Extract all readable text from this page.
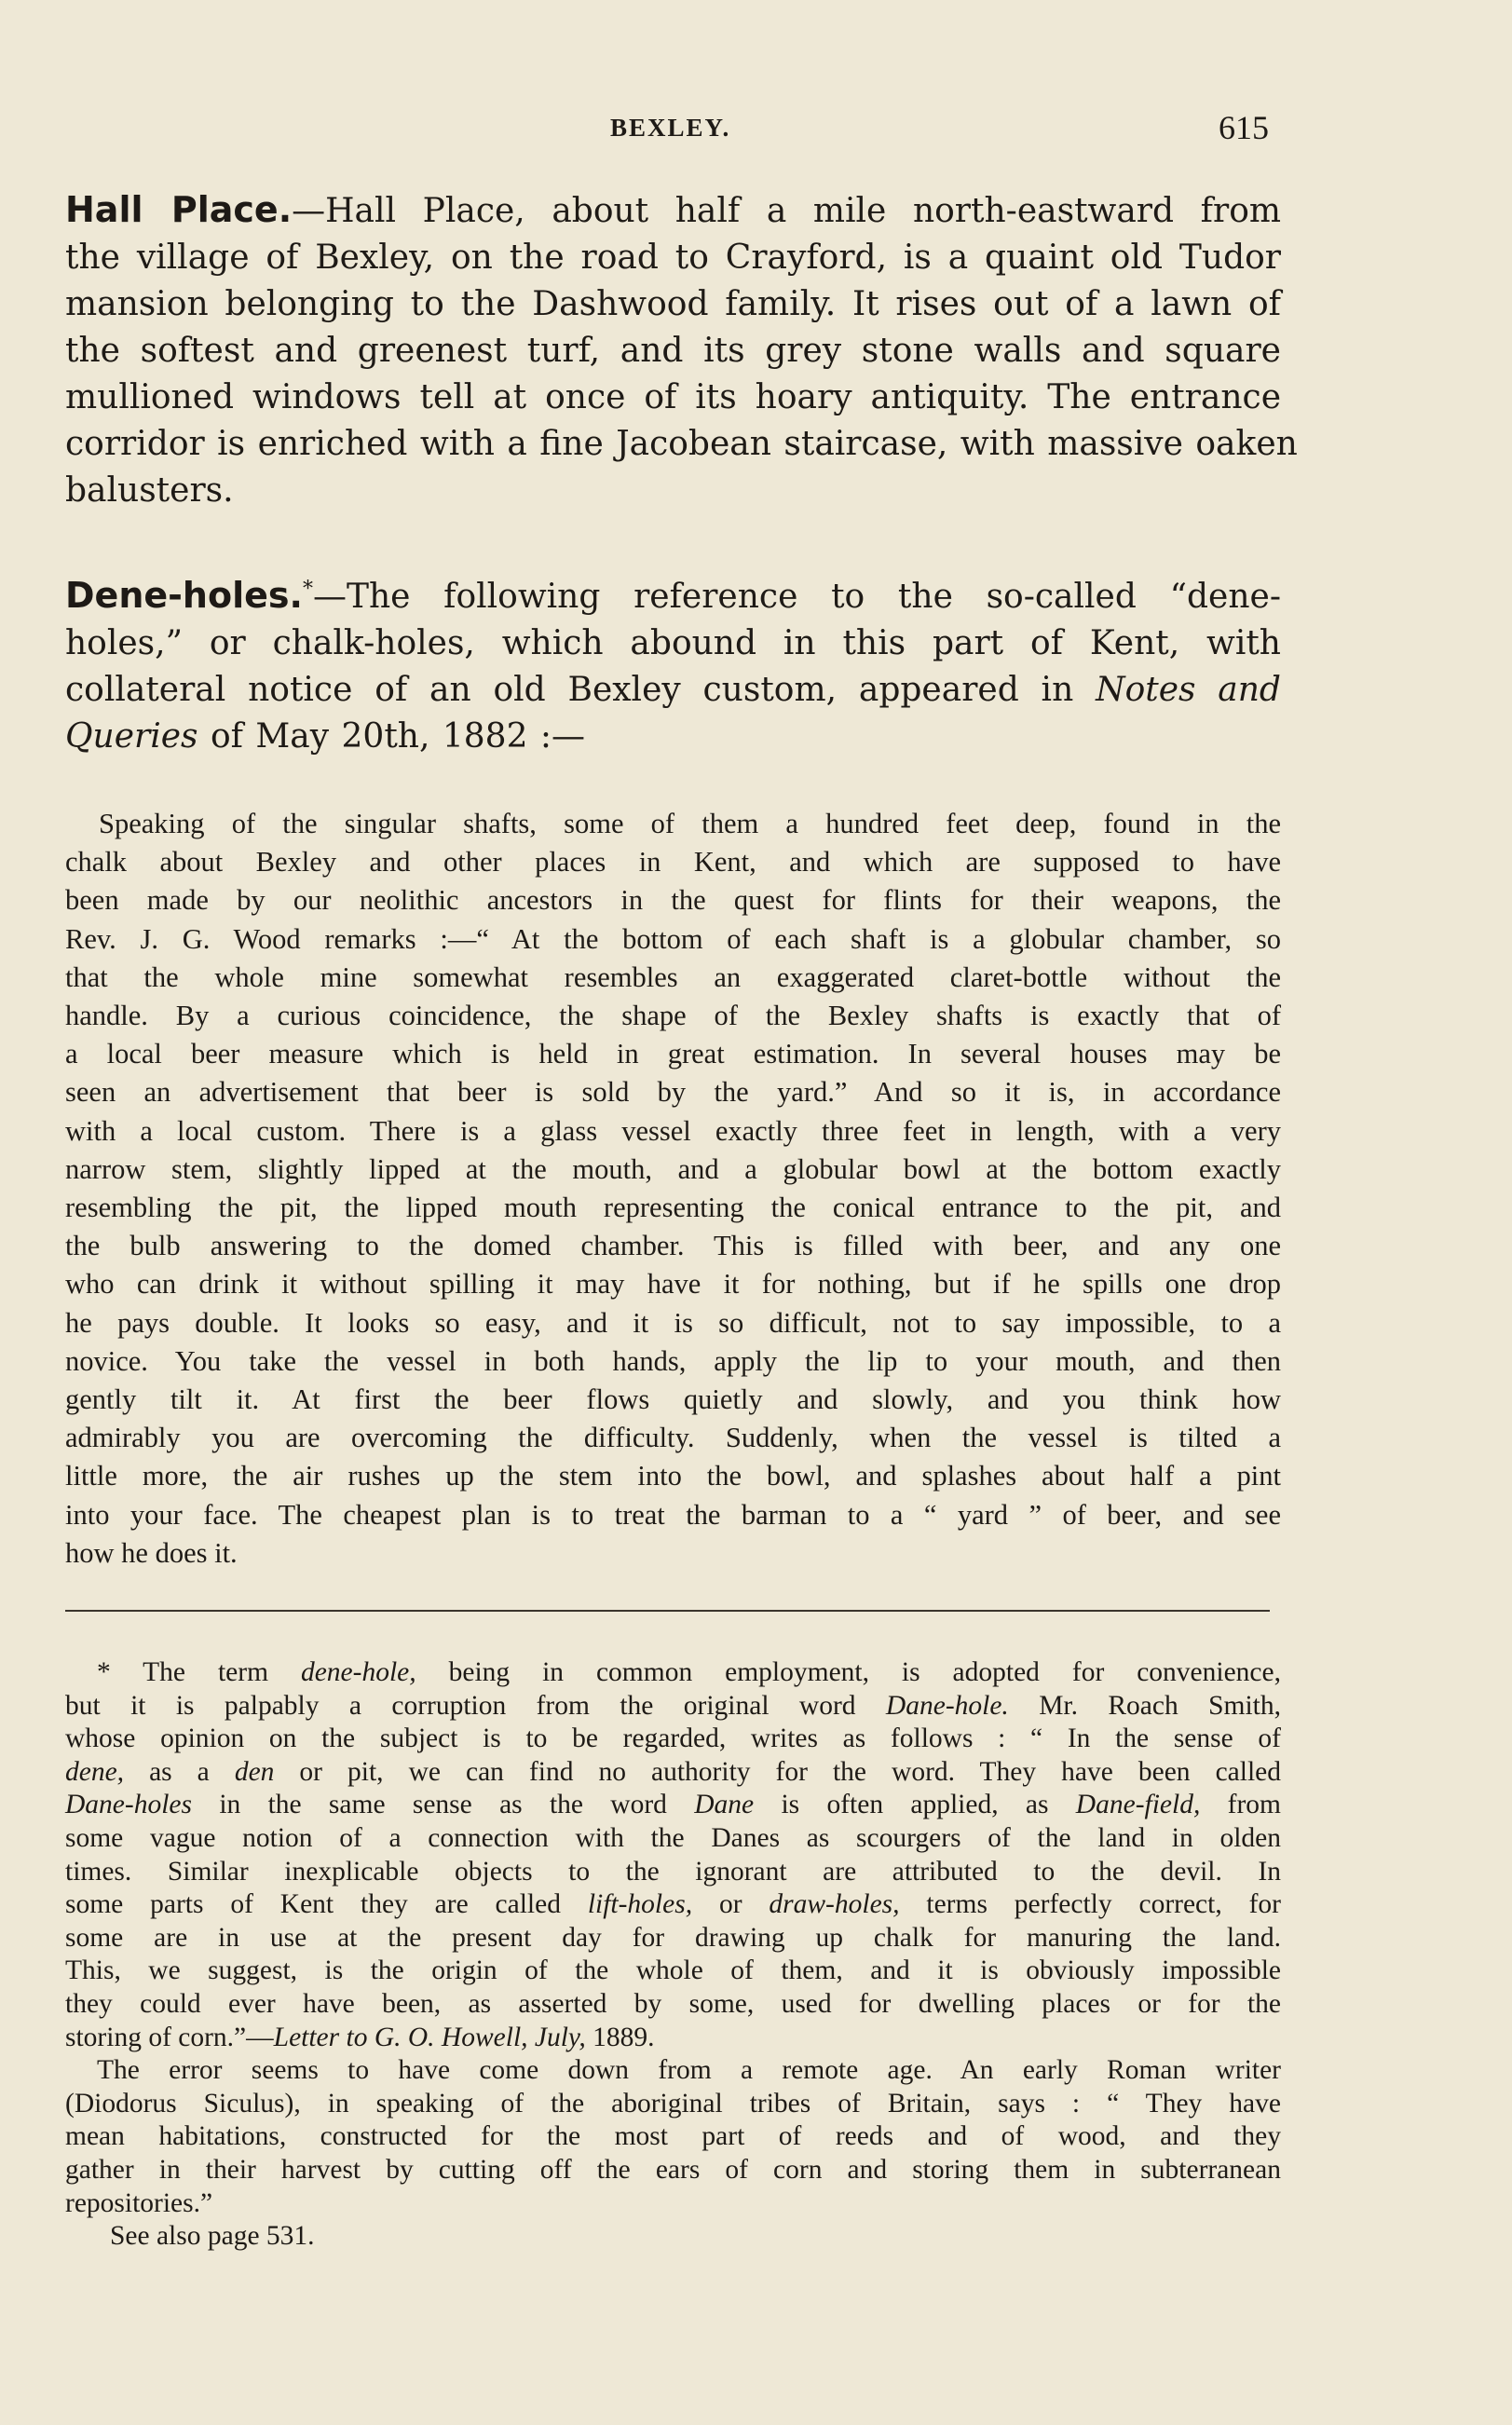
BEXLEY.	615
Hall Place.—Hall Place, about half a mile north-eastward from
the village of Bexley, on the road to Crayford, is a quaint old Tudor
mansion belonging to the Dashwood family. It rises out of a lawn of
the softest and greenest turf, and its grey stone walls and square
mullioned windows tell at once of its hoary antiquity. The entrance
corridor is enriched with a fine Jacobean staircase, with massive oaken
balusters.
Dene-holes.*—The following reference to the so-called “dene-
holes,” or chalk-holes, which abound in this part of Kent, with
collateral notice of an old Bexley custom, appeared in Notes and
Queries of May 20th, 1882 :—
Speaking of the singular shafts, some of them a hundred feet deep, found in the
chalk about Bexley and other places in Kent, and which are supposed to have
been made by our neolithic ancestors in the quest for flints for their weapons, the
Rev. J. G. Wood remarks :—“ At the bottom of each shaft is a globular chamber, so
that the whole mine somewhat resembles an exaggerated claret-bottle without the
handle. By a curious coincidence, the shape of the Bexley shafts is exactly that of
a local beer measure which is held in great estimation. In several houses may be
seen an advertisement that beer is sold by the yard.” And so it is, in accordance
with a local custom. There is a glass vessel exactly three feet in length, with a very
narrow stem, slightly lipped at the mouth, and a globular bowl at the bottom exactly
resembling the pit, the lipped mouth representing the conical entrance to the pit, and
the bulb answering to the domed chamber. This is filled with beer, and any one
who can drink it without spilling it may have it for nothing, but if he spills one drop
he pays double. It looks so easy, and it is so difficult, not to say impossible, to a
novice. You take the vessel in both hands, apply the lip to your mouth, and then
gently tilt it. At first the beer flows quietly and slowly, and you think how
admirably you are overcoming the difficulty. Suddenly, when the vessel is tilted a
little more, the air rushes up the stem into the bowl, and splashes about half a pint
into your face. The cheapest plan is to treat the barman to a “ yard ” of beer, and see
how he does it.
* The term dene-hole, being in common employment, is adopted for convenience,
but it is palpably a corruption from the original word Dane-hole. Mr. Roach Smith,
whose opinion on the subject is to be regarded, writes as follows : “ In the sense of
dene, as a den or pit, we can find no authority for the word. They have been called
Dane-holes in the same sense as the word Dane is often applied, as Dane-field, from
some vague notion of a connection with the Danes as scourgers of the land in olden
times. Similar inexplicable objects to the ignorant are attributed to the devil. In
some parts of Kent they are called lift-holes, or draw-holes, terms perfectly correct, for
some are in use at the present day for drawing up chalk for manuring the land.
This, we suggest, is the origin of the whole of them, and it is obviously impossible
they could ever have been, as asserted by some, used for dwelling places or for the
storing of corn.”—Letter to G. O. Howell, July, 1889.
The error seems to have come down from a remote age. An early Roman writer
(Diodorus Siculus), in speaking of the aboriginal tribes of Britain, says : “ They have
mean habitations, constructed for the most part of reeds and of wood, and they
gather in their harvest by cutting off the ears of corn and storing them in subterranean
repositories.”
See also page 531.
